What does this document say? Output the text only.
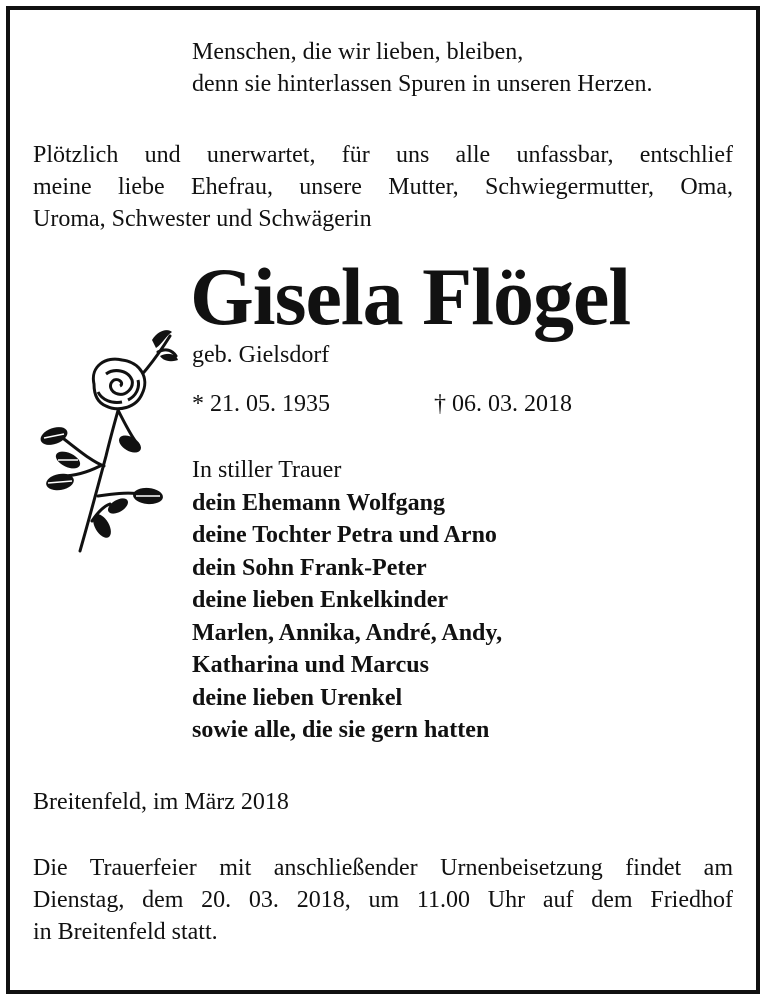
Menschen, die wir lieben, bleiben,
denn sie hinterlassen Spuren in unseren Herzen.
Plötzlich und unerwartet, für uns alle unfassbar, entschlief
meine liebe Ehefrau, unsere Mutter, Schwiegermutter, Oma,
Uroma, Schwester und Schwägerin
Gisela Flögel
geb. Gielsdorf
* 21. 05. 1935	† 06. 03. 2018
In stiller Trauer
dein Ehemann Wolfgang
deine Tochter Petra und Arno
dein Sohn Frank-Peter
deine lieben Enkelkinder
Marlen, Annika, André, Andy,
Katharina und Marcus
deine lieben Urenkel
sowie alle, die sie gern hatten
Breitenfeld, im März 2018
Die Trauerfeier mit anschließender Urnenbeisetzung findet am
Dienstag, dem 20. 03. 2018, um 11.00 Uhr auf dem Friedhof
in Breitenfeld statt.
